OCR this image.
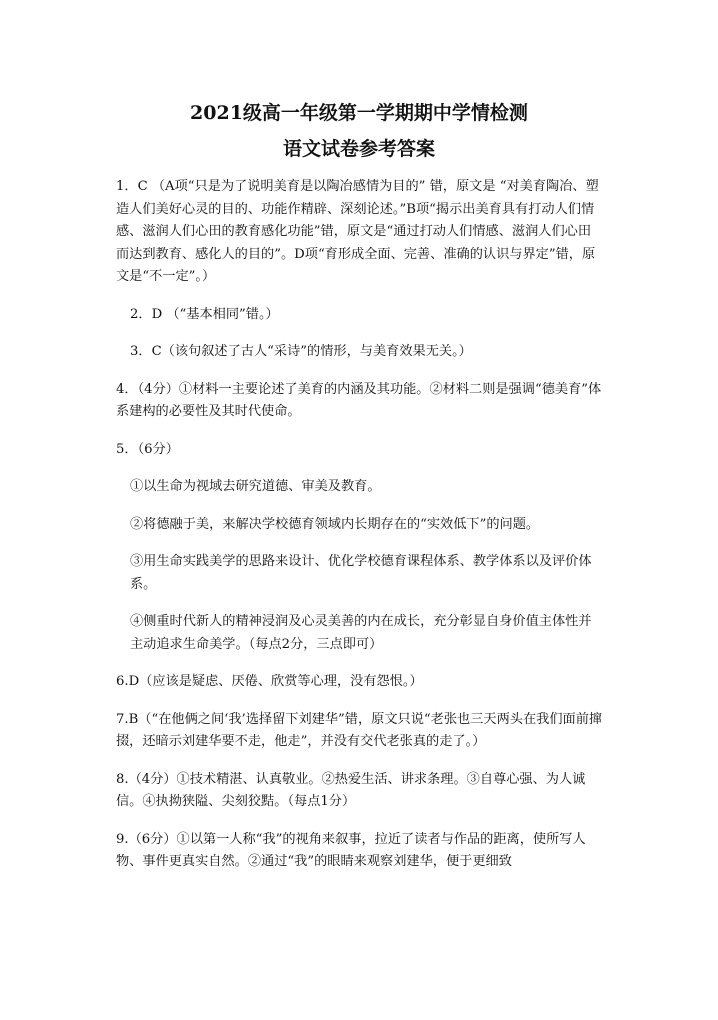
2021级高一年级第一学期期中学情检测
语文试卷参考答案

1．C （A项“只是为了说明美育是以陶冶感情为目的” 错，原文是 “对美育陶冶、塑造人们美好心灵的目的、功能作精辟、深刻论述。”B项“揭示出美育具有打动人们情感、滋润人们心田的教育感化功能”错，原文是“通过打动人们情感、滋润人们心田而达到教育、感化人的目的”。D项“育形成全面、完善、准确的认识与界定”错，原文是“不一定”。）

2．D （“基本相同”错。）

3．C（该句叙述了古人“采诗”的情形，与美育效果无关。）

4．（4分）①材料一主要论述了美育的内涵及其功能。②材料二则是强调“德美育”体系建构的必要性及其时代使命。

5．（6分）

①以生命为视域去研究道德、审美及教育。

②将德融于美，来解决学校德育领域内长期存在的“实效低下”的问题。

③用生命实践美学的思路来设计、优化学校德育课程体系、教学体系以及评价体系。

④侧重时代新人的精神浸润及心灵美善的内在成长，充分彰显自身价值主体性并主动追求生命美学。（每点2分，三点即可）

6.D（应该是疑虑、厌倦、欣赏等心理，没有怨恨。）

7.B（“在他俩之间‘我’选择留下刘建华”错，原文只说“老张也三天两头在我们面前撺掇，还暗示刘建华要不走，他走”，并没有交代老张真的走了。）

8.（4分）①技术精湛、认真敬业。②热爱生活、讲求条理。③自尊心强、为人诚信。④执拗狭隘、尖刻狡黠。（每点1分）

9.（6分）①以第一人称“我”的视角来叙事，拉近了读者与作品的距离，使所写人物、事件更真实自然。②通过“我”的眼睛来观察刘建华，便于更细致
